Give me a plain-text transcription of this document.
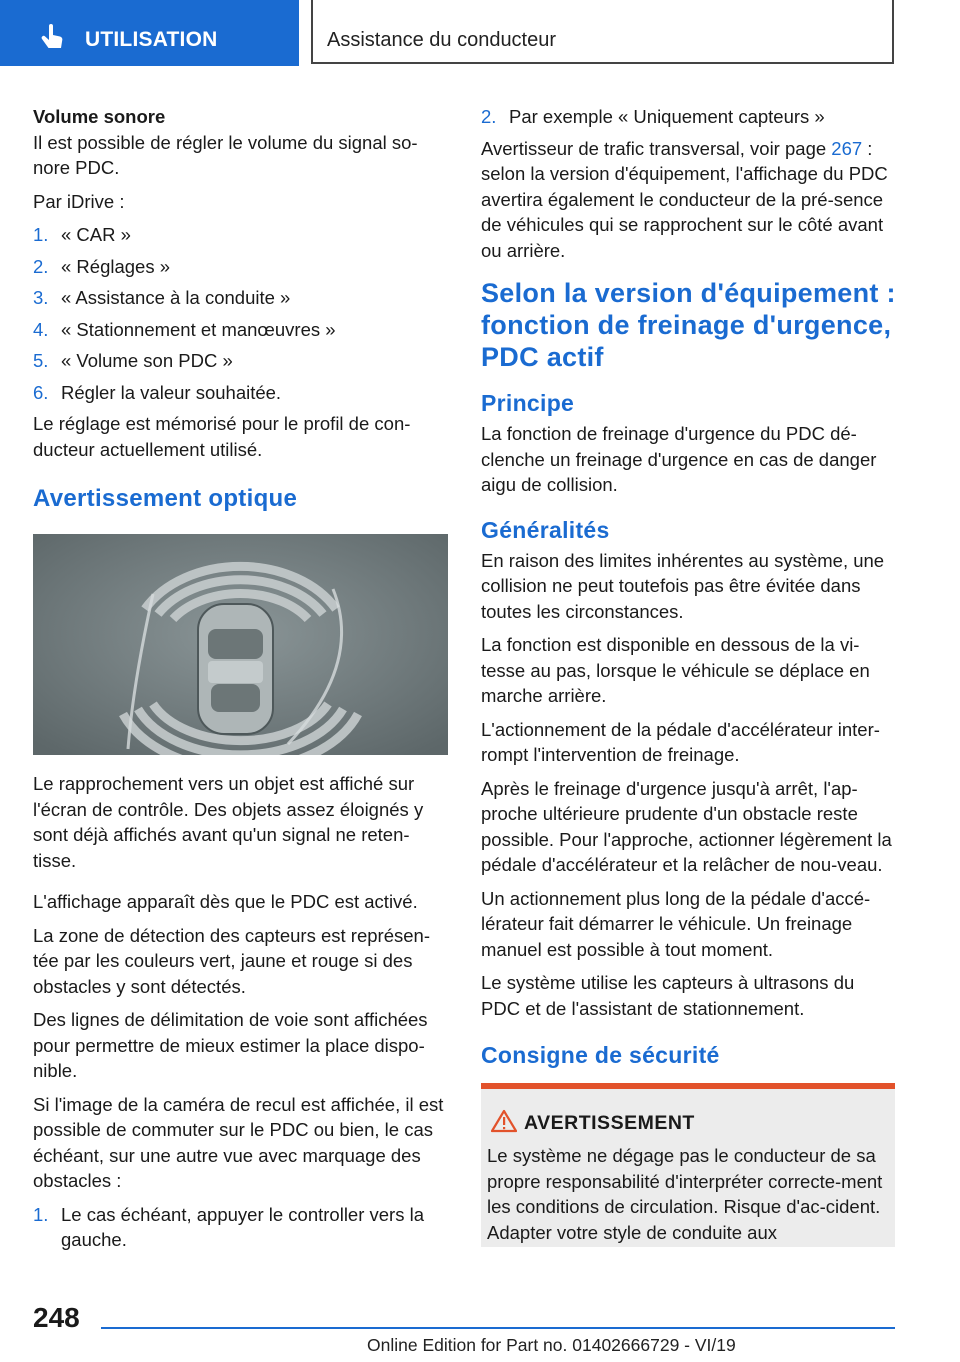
UTILISATION	Assistance du conducteur

Volume sonore

Il est possible de régler le volume du signal so-nore PDC.

Par iDrive :

1. « CAR »
2. « Réglages »
3. « Assistance à la conduite »
4. « Stationnement et manœuvres »
5. « Volume son PDC »
6. Régler la valeur souhaitée.

Le réglage est mémorisé pour le profil de con-ducteur actuellement utilisé.

Avertissement optique

Le rapprochement vers un objet est affiché sur l'écran de contrôle. Des objets assez éloignés y sont déjà affichés avant qu'un signal ne reten-tisse.

L'affichage apparaît dès que le PDC est activé.

La zone de détection des capteurs est représen-tée par les couleurs vert, jaune et rouge si des obstacles y sont détectés.

Des lignes de délimitation de voie sont affichées pour permettre de mieux estimer la place dispo-nible.

Si l'image de la caméra de recul est affichée, il est possible de commuter sur le PDC ou bien, le cas échéant, sur une autre vue avec marquage des obstacles :

1. Le cas échéant, appuyer le controller vers la gauche.
2. Par exemple « Uniquement capteurs »

Avertisseur de trafic transversal, voir page 267 : selon la version d'équipement, l'affichage du PDC avertira également le conducteur de la pré-sence de véhicules qui se rapprochent sur le côté avant ou arrière.

Selon la version d'équipement : fonction de freinage d'urgence, PDC actif
Principe

La fonction de freinage d'urgence du PDC dé-clenche un freinage d'urgence en cas de danger aigu de collision.

Généralités

En raison des limites inhérentes au système, une collision ne peut toutefois pas être évitée dans toutes les circonstances.

La fonction est disponible en dessous de la vi-tesse au pas, lorsque le véhicule se déplace en marche arrière.

L'actionnement de la pédale d'accélérateur inter-rompt l'intervention de freinage.

Après le freinage d'urgence jusqu'à arrêt, l'ap-proche ultérieure prudente d'un obstacle reste possible. Pour l'approche, actionner légèrement la pédale d'accélérateur et la relâcher de nou-veau.

Un actionnement plus long de la pédale d'accé-lérateur fait démarrer le véhicule. Un freinage manuel est possible à tout moment.

Le système utilise les capteurs à ultrasons du PDC et de l'assistant de stationnement.

Consigne de sécurité
AVERTISSEMENT
Le système ne dégage pas le conducteur de sa propre responsabilité d'interpréter correcte-ment les conditions de circulation. Risque d'ac-cident. Adapter votre style de conduite aux
248
Online Edition for Part no. 01402666729 - VI/19
